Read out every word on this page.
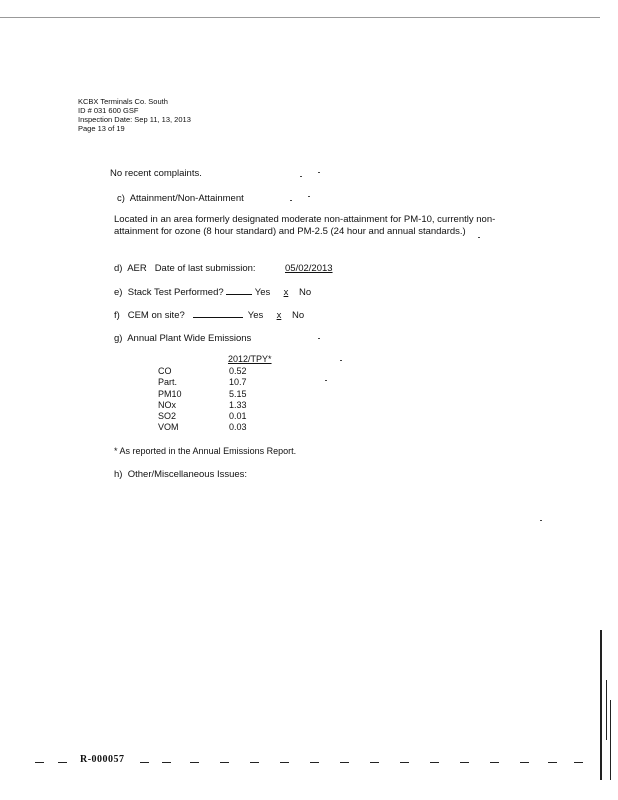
KCBX Terminals Co. South
ID # 031 600 GSF
Inspection Date: Sep 11, 13, 2013
Page 13 of 19
No recent complaints.
c) Attainment/Non-Attainment
Located in an area formerly designated moderate non-attainment for PM-10, currently non-attainment for ozone (8 hour standard) and PM-2.5 (24 hour and annual standards.)
d) AER Date of last submission:	05/02/2013
e) Stack Test Performed?	Yes x No
f) CEM on site?	Yes x No
g) Annual Plant Wide Emissions
2012/TPY*
CO	0.52
Part.	10.7
PM10	5.15
NOx	1.33
SO2	0.01
VOM	0.03
* As reported in the Annual Emissions Report.
h) Other/Miscellaneous Issues:
R-000057
